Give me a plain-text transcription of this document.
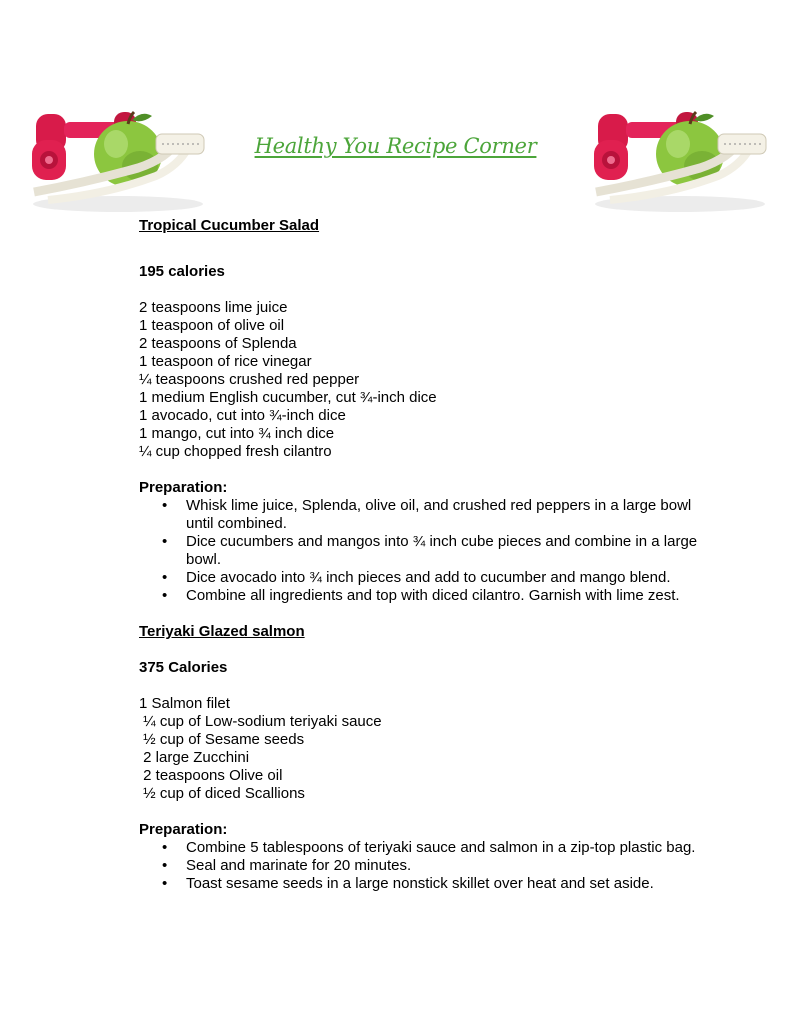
Healthy You Recipe Corner

Tropical Cucumber Salad

195 calories

2 teaspoons lime juice
1 teaspoon of olive oil
2 teaspoons of Splenda
1 teaspoon of rice vinegar
¼ teaspoons crushed red pepper
1 medium English cucumber, cut ¾-inch dice
1 avocado, cut into ¾-inch dice
1 mango, cut into ¾ inch dice
¼ cup chopped fresh cilantro

Preparation:

• Whisk lime juice, Splenda, olive oil, and crushed red peppers in a large bowl until combined.
• Dice cucumbers and mangos into ¾ inch cube pieces and combine in a large bowl.
• Dice avocado into ¾ inch pieces and add to cucumber and mango blend.
• Combine all ingredients and top with diced cilantro. Garnish with lime zest.

Teriyaki Glazed salmon

375 Calories

1 Salmon filet
¼ cup of Low-sodium teriyaki sauce
½ cup of Sesame seeds
2 large Zucchini
2 teaspoons Olive oil
½ cup of diced Scallions

Preparation:

• Combine 5 tablespoons of teriyaki sauce and salmon in a zip-top plastic bag.
• Seal and marinate for 20 minutes.
• Toast sesame seeds in a large nonstick skillet over heat and set aside.
